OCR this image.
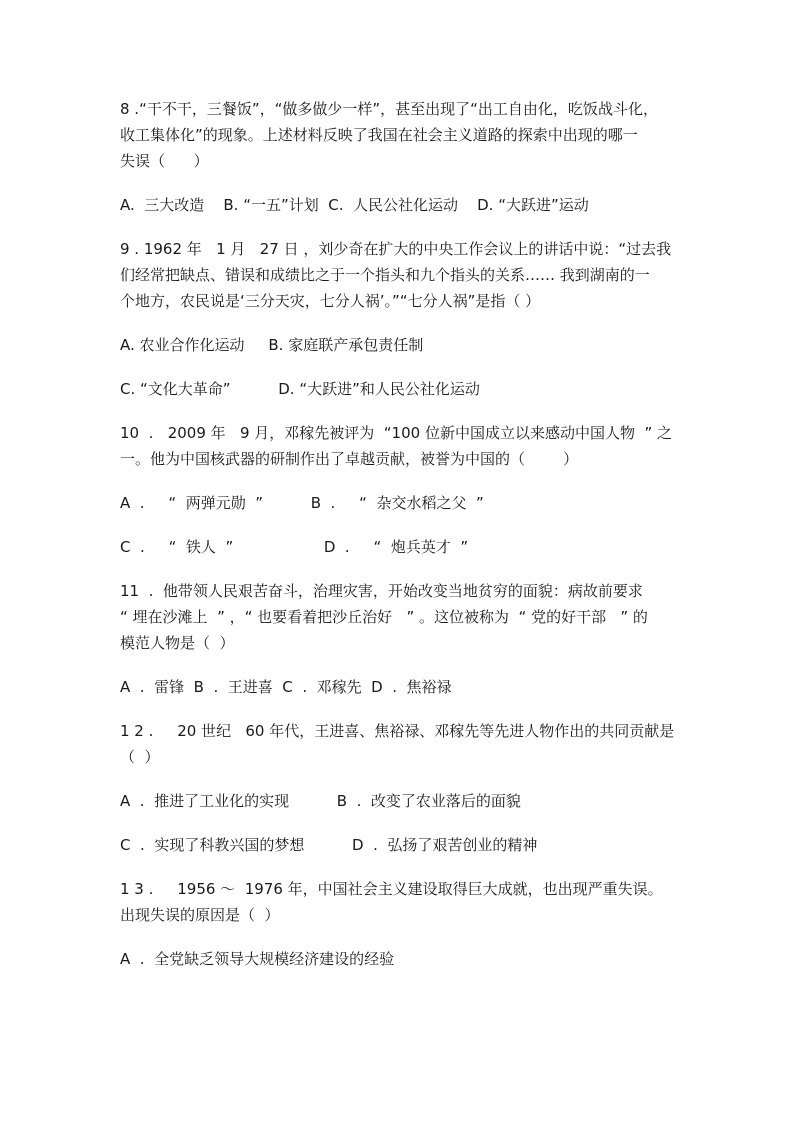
8 .“干不干，三餐饭”，“做多做少一样”，甚至出现了“出工自由化，吃饭战斗化，

收工集体化”的现象。上述材料反映了我国在社会主义道路的探索中出现的哪一

失误（      ）

A.  三大改造    B. “一五”计划  C.  人民公社化运动    D. “大跃进”运动

9 . 1962 年   1 月   27 日 ，刘少奇在扩大的中央工作会议上的讲话中说：“过去我

们经常把缺点、错误和成绩比之于一个指头和九个指头的关系…… 我到湖南的一

个地方，农民说是‘三分天灾，七分人祸’。”“七分人祸”是指（ ）

A. 农业合作化运动     B. 家庭联产承包责任制

C. “文化大革命”          D. “大跃进”和人民公社化运动

10  .   2009 年   9 月，邓稼先被评为  “100 位新中国成立以来感动中国人物  ” 之

一。他为中国核武器的研制作出了卓越贡献，被誉为中国的（        ）

A  .     “  两弹元勋  ”          B  .     “  杂交水稻之父  ”

C  .     “  铁人  ”                   D  .     “  炮兵英才  ”

11  .  他带领人民艰苦奋斗，治理灾害，开始改变当地贫穷的面貌：病故前要求

“ 埋在沙滩上  ” ，“ 也要看着把沙丘治好   ” 。这位被称为  “ 党的好干部   ” 的

模范人物是（  ）

A  .  雷锋  B  .  王进喜  C  .  邓稼先  D  .  焦裕禄

1 2 .     20 世纪   60 年代，王进喜、焦裕禄、邓稼先等先进人物作出的共同贡献是

（  ）

A  .  推进了工业化的实现          B  .  改变了农业落后的面貌

C  .  实现了科教兴国的梦想          D  .  弘扬了艰苦创业的精神

1 3 .     1956 ～  1976 年，中国社会主义建设取得巨大成就，也出现严重失误。

出现失误的原因是（  ）

A  .  全党缺乏领导大规模经济建设的经验
